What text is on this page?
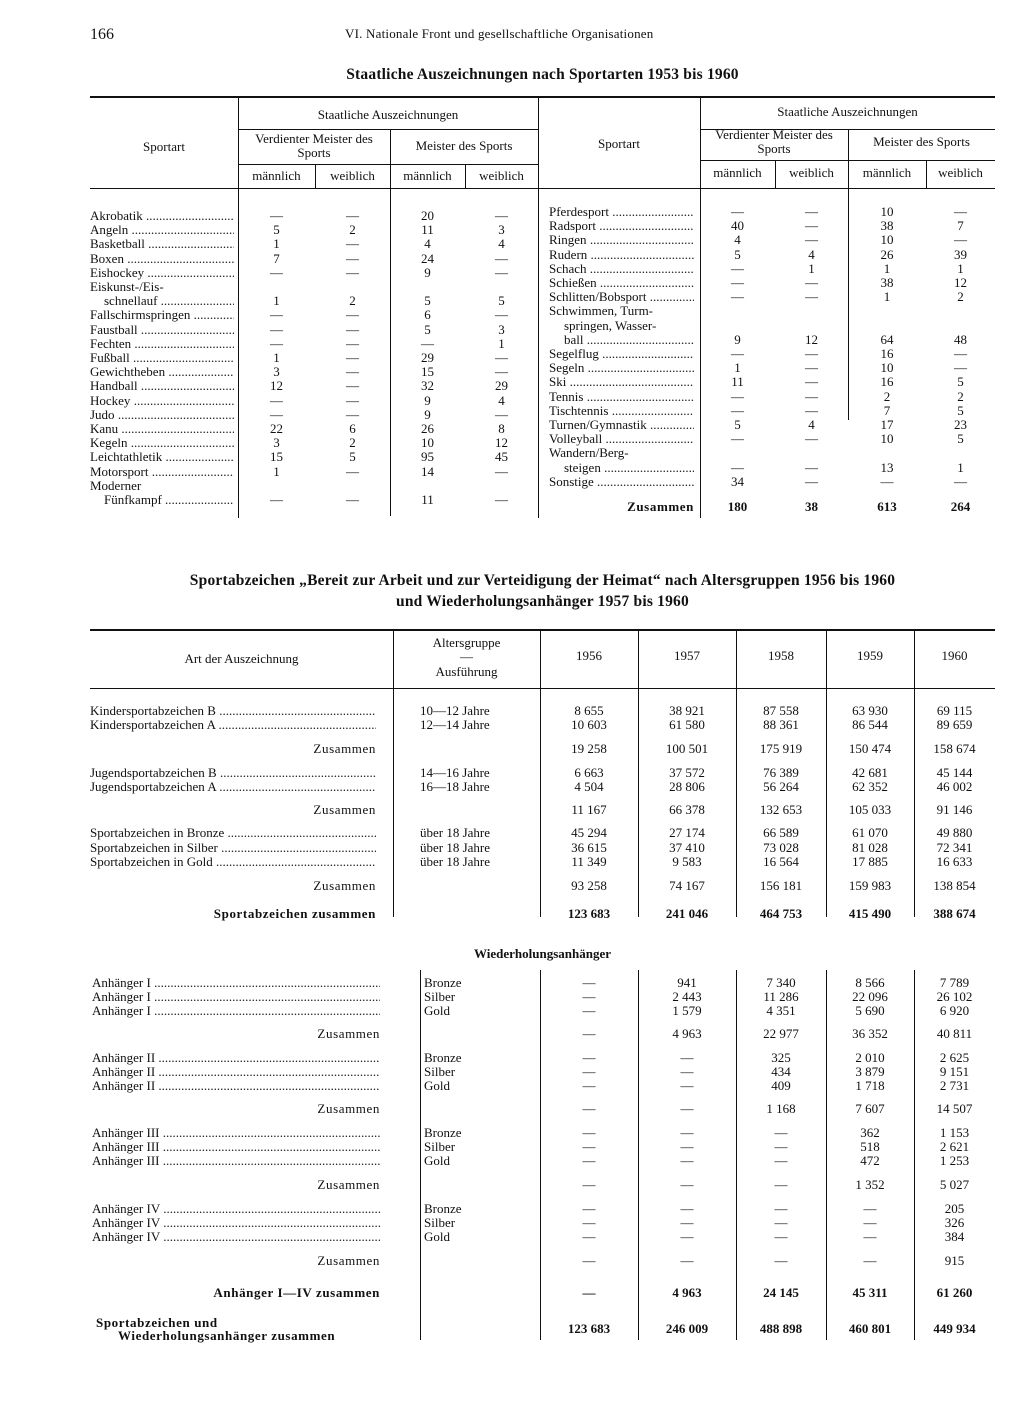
166	VI. Nationale Front und gesellschaftliche Organisationen
Staatliche Auszeichnungen nach Sportarten 1953 bis 1960
Sportart
Staatliche Auszeichnungen
Verdienter Meister des Sports	Meister des Sports
männlich	weiblich	männlich	weiblich
Sportart
Staatliche Auszeichnungen
Verdienter Meister des Sports	Meister des Sports
männlich	weiblich	männlich	weiblich
Akrobatik .....	—	—	20	—
Angeln .....	5	2	11	3
Basketball .....	1	—	4	4
Boxen .....	7	—	24	—
Eishockey .....	—	—	9	—
Eiskunst-/Eis-
schnellauf .....	1	2	5	5
Fallschirmspringen .....	—	—	6	—
Faustball .....	—	—	5	3
Fechten .....	—	—	—	1
Fußball .....	1	—	29	—
Gewichtheben .....	3	—	15	—
Handball .....	12	—	32	29
Hockey .....	—	—	9	4
Judo .....	—	—	9	—
Kanu .....	22	6	26	8
Kegeln .....	3	2	10	12
Leichtathletik .....	15	5	95	45
Motorsport .....	1	—	14	—
Moderner
Fünfkampf .....	—	—	11	—
Pferdesport .....	—	—	10	—
Radsport .....	40	—	38	7
Ringen .....	4	—	10	—
Rudern .....	5	4	26	39
Schach .....	—	1	1	1
Schießen .....	—	—	38	12
Schlitten/Bobsport .....	—	—	1	2
Schwimmen, Turm-
springen, Wasser-
ball .....	9	12	64	48
Segelflug .....	—	—	16	—
Segeln .....	1	—	10	—
Ski .....	11	—	16	5
Tennis .....	—	—	2	2
Tischtennis .....	—	—	7	5
Turnen/Gymnastik .....	5	4	17	23
Volleyball .....	—	—	10	5
Wandern/Berg-
steigen .....	—	—	13	1
Sonstige .....	34	—	—	—
Zusammen	180	38	613	264
Sportabzeichen „Bereit zur Arbeit und zur Verteidigung der Heimat“ nach Altersgruppen 1956 bis 1960
und Wiederholungsanhänger 1957 bis 1960
Art der Auszeichnung
Altersgruppe
—
Ausführung
1956	1957	1958	1959	1960
Kindersportabzeichen B .....	10—12 Jahre	8 655	38 921	87 558	63 930	69 115
Kindersportabzeichen A .....	12—14 Jahre	10 603	61 580	88 361	86 544	89 659
Zusammen	19 258	100 501	175 919	150 474	158 674
Jugendsportabzeichen B .....	14—16 Jahre	6 663	37 572	76 389	42 681	45 144
Jugendsportabzeichen A .....	16—18 Jahre	4 504	28 806	56 264	62 352	46 002
Zusammen	11 167	66 378	132 653	105 033	91 146
Sportabzeichen in Bronze .....	über 18 Jahre	45 294	27 174	66 589	61 070	49 880
Sportabzeichen in Silber .....	über 18 Jahre	36 615	37 410	73 028	81 028	72 341
Sportabzeichen in Gold .....	über 18 Jahre	11 349	9 583	16 564	17 885	16 633
Zusammen	93 258	74 167	156 181	159 983	138 854
Sportabzeichen zusammen	123 683	241 046	464 753	415 490	388 674
Wiederholungsanhänger
Anhänger I .....	Bronze	—	941	7 340	8 566	7 789
Anhänger I .....	Silber	—	2 443	11 286	22 096	26 102
Anhänger I .....	Gold	—	1 579	4 351	5 690	6 920
Zusammen	—	4 963	22 977	36 352	40 811
Anhänger II .....	Bronze	—	—	325	2 010	2 625
Anhänger II .....	Silber	—	—	434	3 879	9 151
Anhänger II .....	Gold	—	—	409	1 718	2 731
Zusammen	—	—	1 168	7 607	14 507
Anhänger III .....	Bronze	—	—	—	362	1 153
Anhänger III .....	Silber	—	—	—	518	2 621
Anhänger III .....	Gold	—	—	—	472	1 253
Zusammen	—	—	—	1 352	5 027
Anhänger IV .....	Bronze	—	—	—	—	205
Anhänger IV .....	Silber	—	—	—	—	326
Anhänger IV .....	Gold	—	—	—	—	384
Zusammen	—	—	—	—	915
Anhänger I—IV zusammen	—	4 963	24 145	45 311	61 260
Sportabzeichen und
Wiederholungsanhänger zusammen	123 683	246 009	488 898	460 801	449 934
